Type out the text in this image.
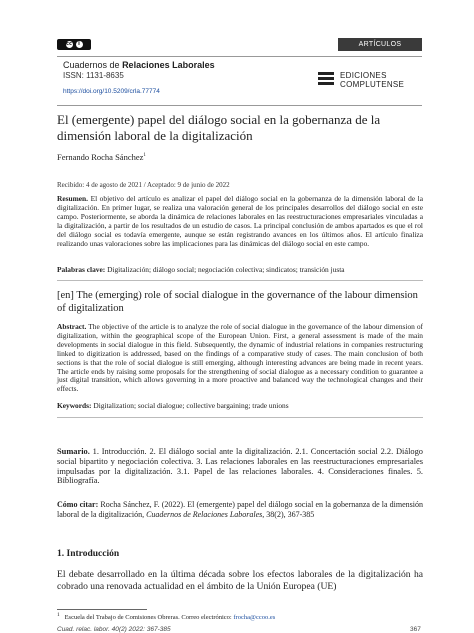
cc	i	ARTÍCULOS
Cuadernos de Relaciones Laborales
ISSN: 1131-8635
https://doi.org/10.5209/crla.77774
EDICIONES
COMPLUTENSE
El (emergente) papel del diálogo social en la gobernanza de la dimensión laboral de la digitalización
Fernando Rocha Sánchez$^1$
Recibido: 4 de agosto de 2021 / Aceptado: 9 de junio de 2022
Resumen. El objetivo del artículo es analizar el papel del diálogo social en la gobernanza de la dimensión laboral de la digitalización. En primer lugar, se realiza una valoración general de los principales desarrollos del diálogo social en este campo. Posteriormente, se aborda la dinámica de relaciones laborales en las reestructuraciones empresariales vinculadas a la digitalización, a partir de los resultados de un estudio de casos. La principal conclusión de ambos apartados es que el rol del diálogo social es todavía emergente, aunque se están registrando avances en los últimos años. El artículo finaliza realizando unas valoraciones sobre las implicaciones para las dinámicas del diálogo social en este campo.
Palabras clave: Digitalización; diálogo social; negociación colectiva; sindicatos; transición justa
[en] The (emerging) role of social dialogue in the governance of the labour dimension of digitalization
Abstract. The objective of the article is to analyze the role of social dialogue in the governance of the labour dimension of digitalization, within the geographical scope of the European Union. First, a general assessment is made of the main developments in social dialogue in this field. Subsequently, the dynamic of industrial relations in companies restructuring linked to digitization is addressed, based on the findings of a comparative study of cases. The main conclusion of both sections is that the role of social dialogue is still emerging, although interesting advances are being made in recent years. The article ends by raising some proposals for the strengthening of social dialogue as a necessary condition to guarantee a just digital transition, which allows governing in a more proactive and balanced way the technological changes and their effects.
Keywords: Digitalization; social dialogue; collective bargaining; trade unions
Sumario. 1. Introducción. 2. El diálogo social ante la digitalización. 2.1. Concertación social 2.2. Diálogo social bipartito y negociación colectiva. 3. Las relaciones laborales en las reestructuraciones empresariales impulsadas por la digitalización. 3.1. Papel de las relaciones laborales. 4. Consideraciones finales. 5. Bibliografía.
Cómo citar: Rocha Sánchez, F. (2022). El (emergente) papel del diálogo social en la gobernanza de la dimensión laboral de la digitalización, Cuadernos de Relaciones Laborales, 38(2), 367-385
1. Introducción
El debate desarrollado en la última década sobre los efectos laborales de la digitalización ha cobrado una renovada actualidad en el ámbito de la Unión Europea (UE)
$^1$ Escuela del Trabajo de Comisiones Obreras. Correo electrónico: frocha@ccoo.es
Cuad. relac. labor. 40(2) 2022: 367-385	367
